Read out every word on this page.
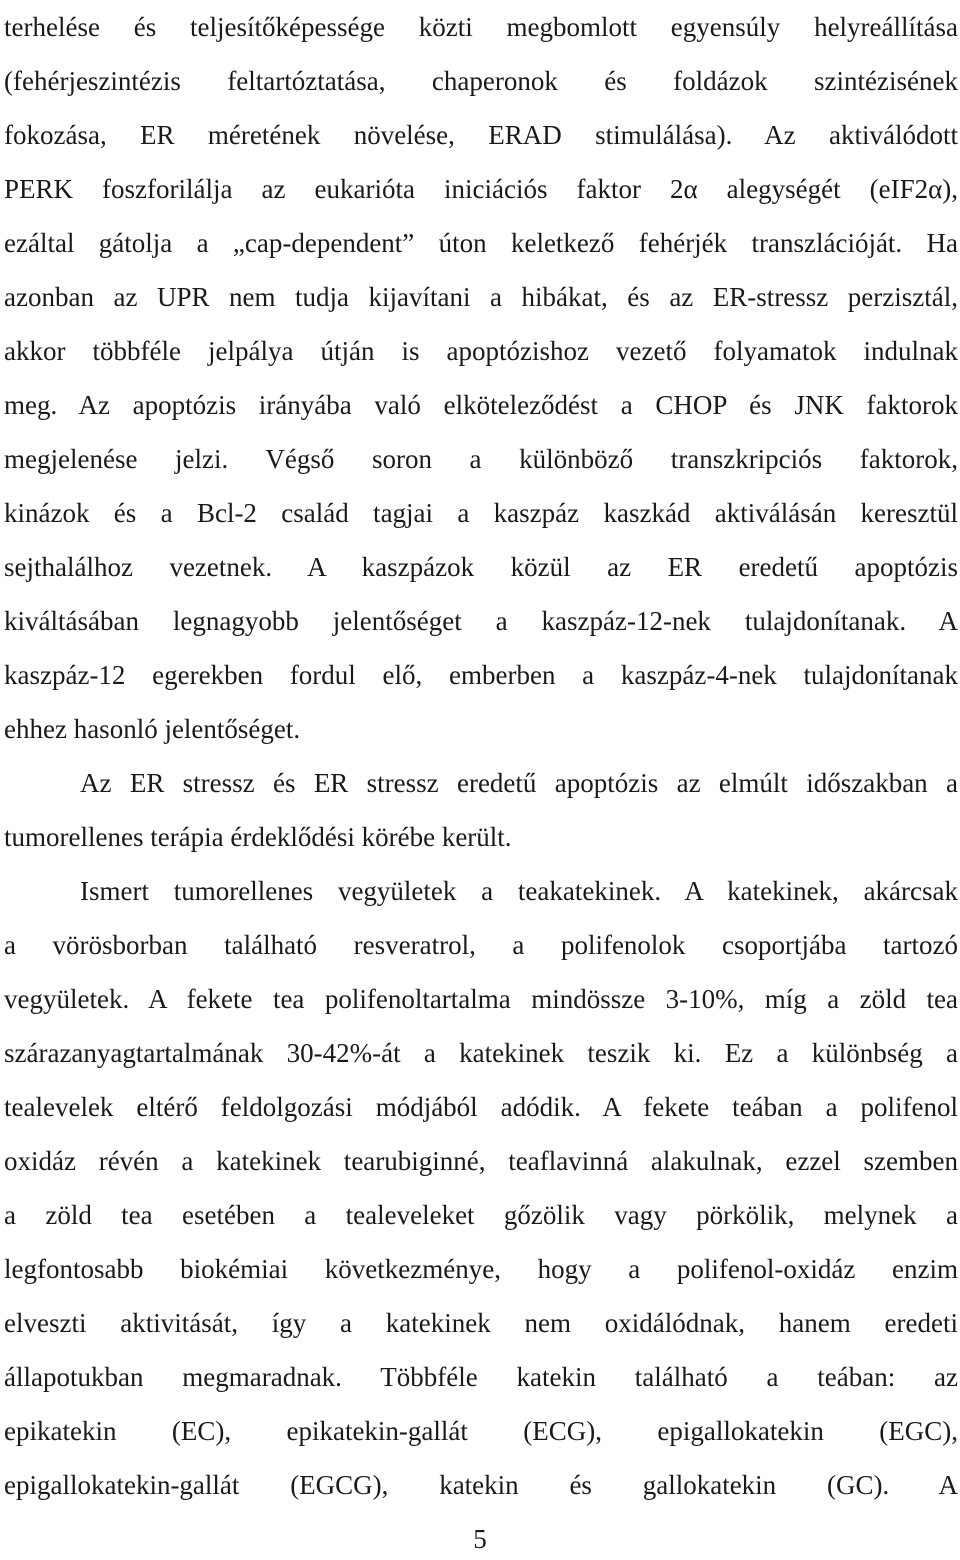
terhelése és teljesítőképessége közti megbomlott egyensúly helyreállítása
(fehérjeszintézis feltartóztatása, chaperonok és foldázok szintézisének
fokozása, ER méretének növelése, ERAD stimulálása). Az aktiválódott
PERK foszforilálja az eukarióta iniciációs faktor 2α alegységét (eIF2α),
ezáltal gátolja a „cap-dependent” úton keletkező fehérjék transzlációját. Ha
azonban az UPR nem tudja kijavítani a hibákat, és az ER-stressz perzisztál,
akkor többféle jelpálya útján is apoptózishoz vezető folyamatok indulnak
meg. Az apoptózis irányába való elköteleződést a CHOP és JNK faktorok
megjelenése jelzi. Végső soron a különböző transzkripciós faktorok,
kinázok és a Bcl-2 család tagjai a kaszpáz kaszkád aktiválásán keresztül
sejthalálhoz vezetnek. A kaszpázok közül az ER eredetű apoptózis
kiváltásában legnagyobb jelentőséget a kaszpáz-12-nek tulajdonítanak. A
kaszpáz-12 egerekben fordul elő, emberben a kaszpáz-4-nek tulajdonítanak
ehhez hasonló jelentőséget.
Az ER stressz és ER stressz eredetű apoptózis az elmúlt időszakban a
tumorellenes terápia érdeklődési körébe került.
Ismert tumorellenes vegyületek a teakatekinek. A katekinek, akárcsak
a vörösborban található resveratrol, a polifenolok csoportjába tartozó
vegyületek. A fekete tea polifenoltartalma mindössze 3-10%, míg a zöld tea
szárazanyagtartalmának 30-42%-át a katekinek teszik ki. Ez a különbség a
tealevelek eltérő feldolgozási módjából adódik. A fekete teában a polifenol
oxidáz révén a katekinek tearubiginné, teaflavinná alakulnak, ezzel szemben
a zöld tea esetében a tealeveleket gőzölik vagy pörkölik, melynek a
legfontosabb biokémiai következménye, hogy a polifenol-oxidáz enzim
elveszti aktivitását, így a katekinek nem oxidálódnak, hanem eredeti
állapotukban megmaradnak. Többféle katekin található a teában: az
epikatekin (EC), epikatekin-gallát (ECG), epigallokatekin (EGC),
epigallokatekin-gallát (EGCG), katekin és gallokatekin (GC). A
5
